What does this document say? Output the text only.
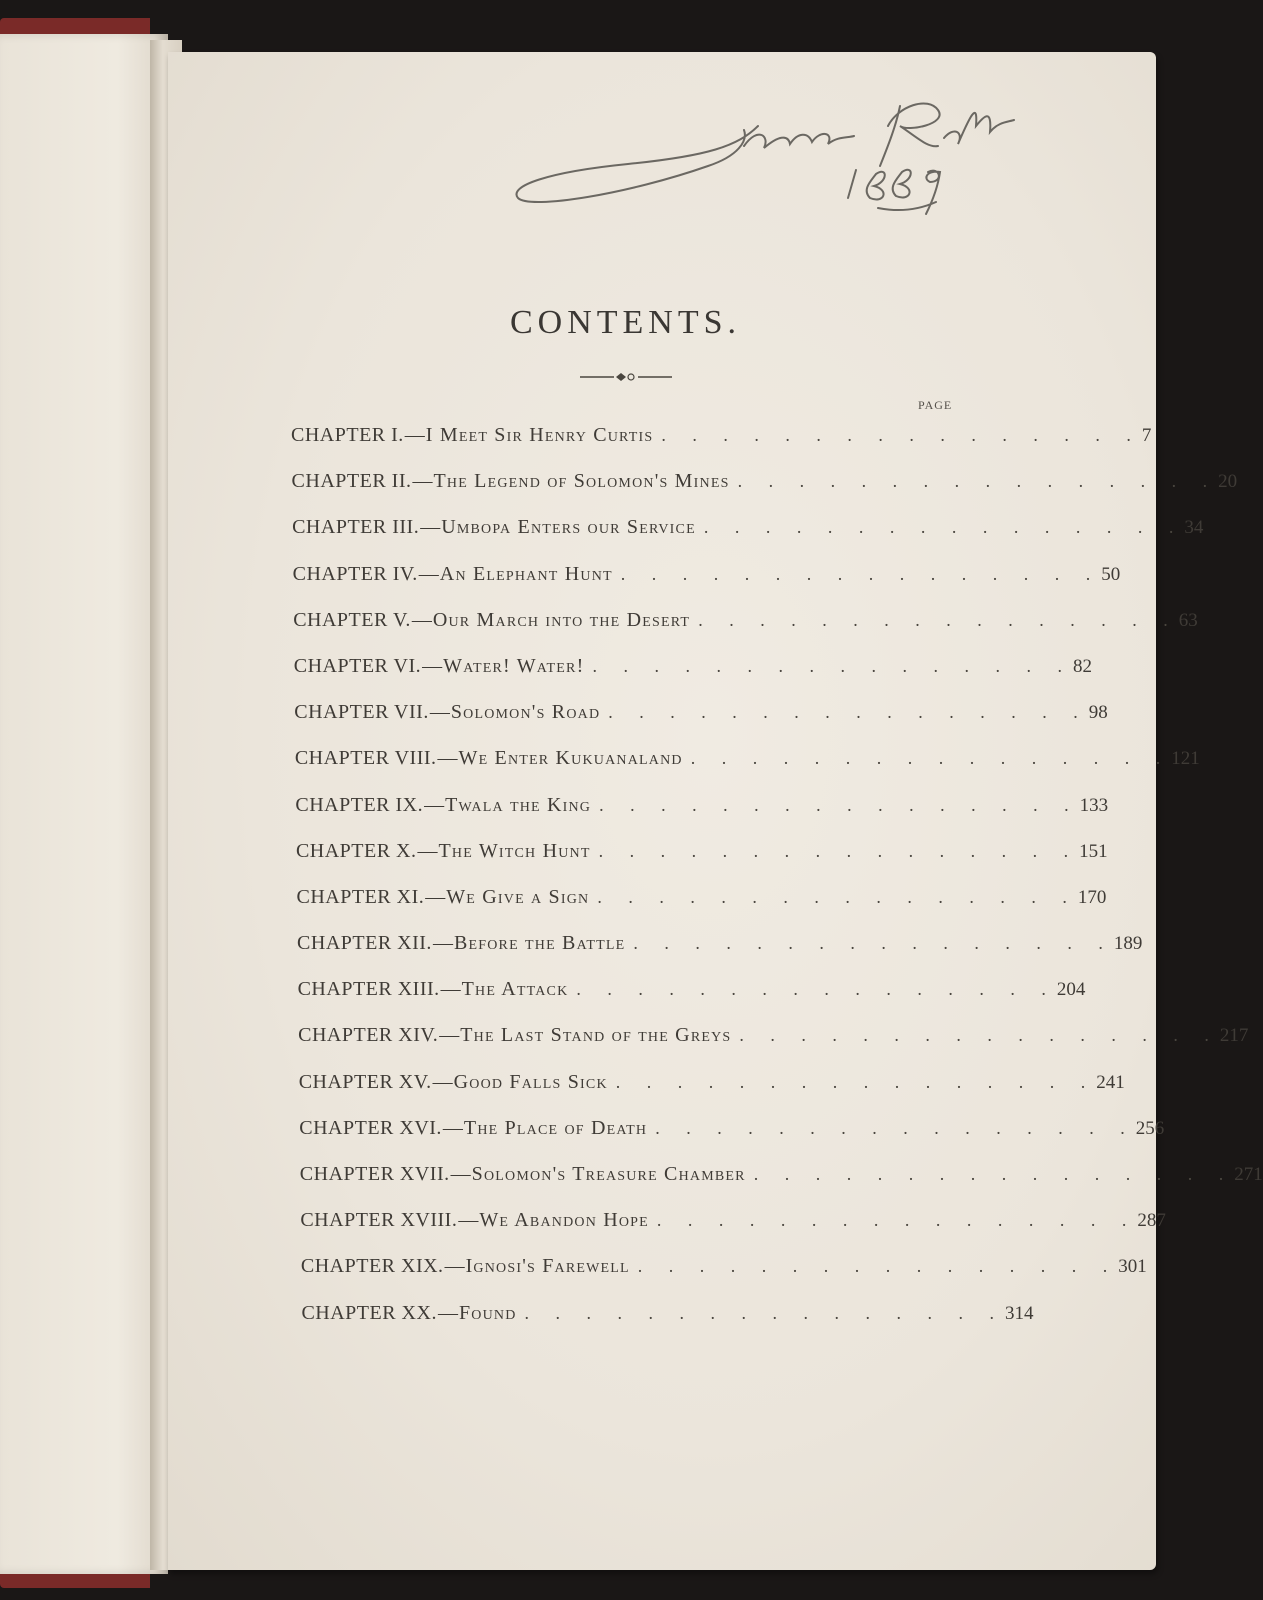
CONTENTS.
PAGE
CHAPTER I. — I Meet Sir Henry Curtis . . . . . . . . . . . . . . . . 7
CHAPTER II. — The Legend of Solomon's Mines . . . . . . . . . . . . . . . . 20
CHAPTER III. — Umbopa Enters our Service . . . . . . . . . . . . . . . . 34
CHAPTER IV. — An Elephant Hunt . . . . . . . . . . . . . . . . 50
CHAPTER V. — Our March into the Desert . . . . . . . . . . . . . . . . 63
CHAPTER VI. — Water! Water! . . . . . . . . . . . . . . . . 82
CHAPTER VII. — Solomon's Road . . . . . . . . . . . . . . . . 98
CHAPTER VIII. — We Enter Kukuanaland . . . . . . . . . . . . . . . . 121
CHAPTER IX. — Twala the King . . . . . . . . . . . . . . . . 133
CHAPTER X. — The Witch Hunt . . . . . . . . . . . . . . . . 151
CHAPTER XI. — We Give a Sign . . . . . . . . . . . . . . . . 170
CHAPTER XII. — Before the Battle . . . . . . . . . . . . . . . . 189
CHAPTER XIII. — The Attack . . . . . . . . . . . . . . . . 204
CHAPTER XIV. — The Last Stand of the Greys . . . . . . . . . . . . . . . . 217
CHAPTER XV. — Good Falls Sick . . . . . . . . . . . . . . . . 241
CHAPTER XVI. — The Place of Death . . . . . . . . . . . . . . . . 256
CHAPTER XVII. — Solomon's Treasure Chamber . . . . . . . . . . . . . . . . 271
CHAPTER XVIII. — We Abandon Hope . . . . . . . . . . . . . . . . 287
CHAPTER XIX. — Ignosi's Farewell . . . . . . . . . . . . . . . . 301
CHAPTER XX. — Found . . . . . . . . . . . . . . . . 314
